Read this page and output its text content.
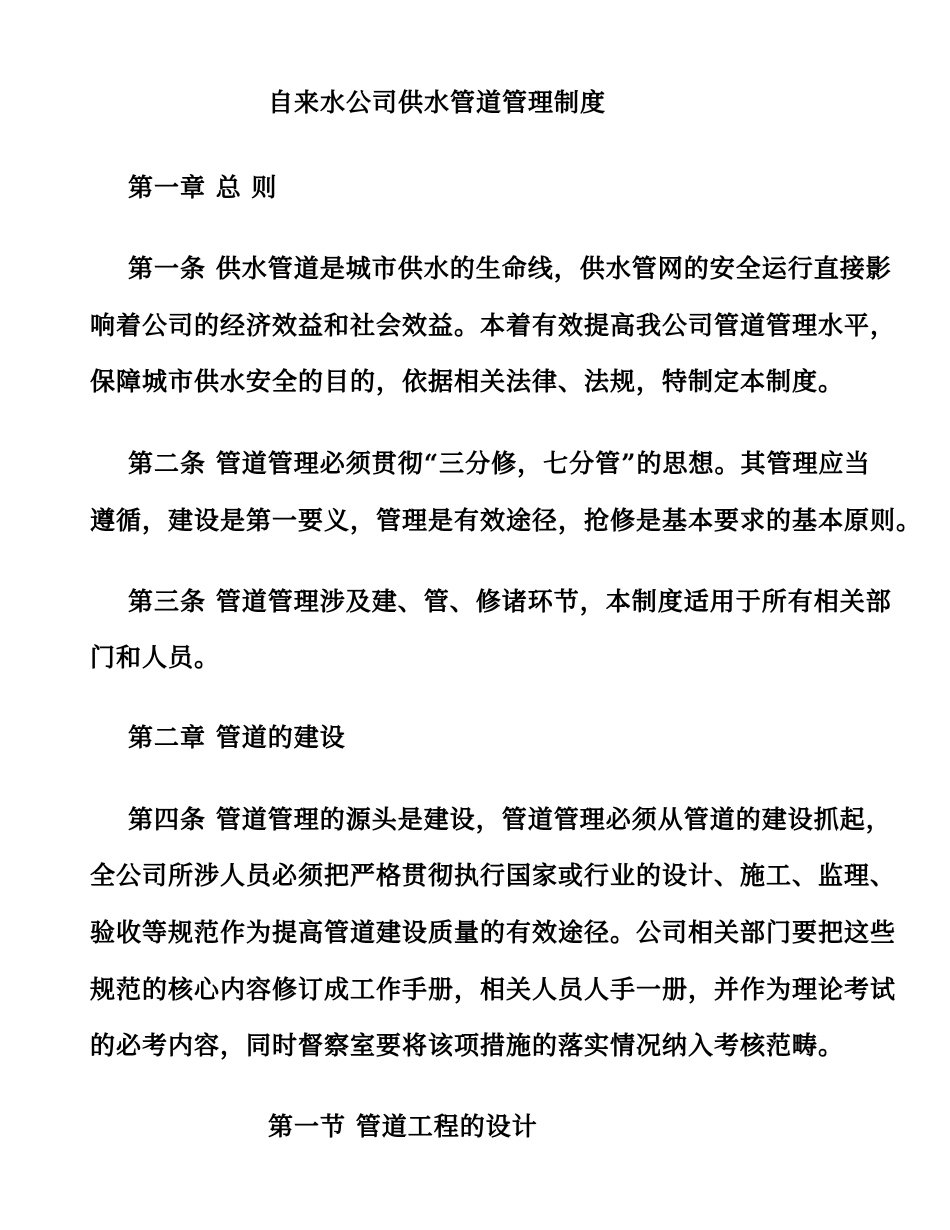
自来水公司供水管道管理制度
第一章 总 则
第一条 供水管道是城市供水的生命线，供水管网的安全运行直接影
响着公司的经济效益和社会效益。本着有效提高我公司管道管理水平，
保障城市供水安全的目的，依据相关法律、法规，特制定本制度。
第二条 管道管理必须贯彻“三分修，七分管”的思想。其管理应当
遵循，建设是第一要义，管理是有效途径，抢修是基本要求的基本原则。
第三条 管道管理涉及建、管、修诸环节，本制度适用于所有相关部
门和人员。
第二章 管道的建设
第四条 管道管理的源头是建设，管道管理必须从管道的建设抓起，
全公司所涉人员必须把严格贯彻执行国家或行业的设计、施工、监理、
验收等规范作为提高管道建设质量的有效途径。公司相关部门要把这些
规范的核心内容修订成工作手册，相关人员人手一册，并作为理论考试
的必考内容，同时督察室要将该项措施的落实情况纳入考核范畴。
第一节 管道工程的设计
